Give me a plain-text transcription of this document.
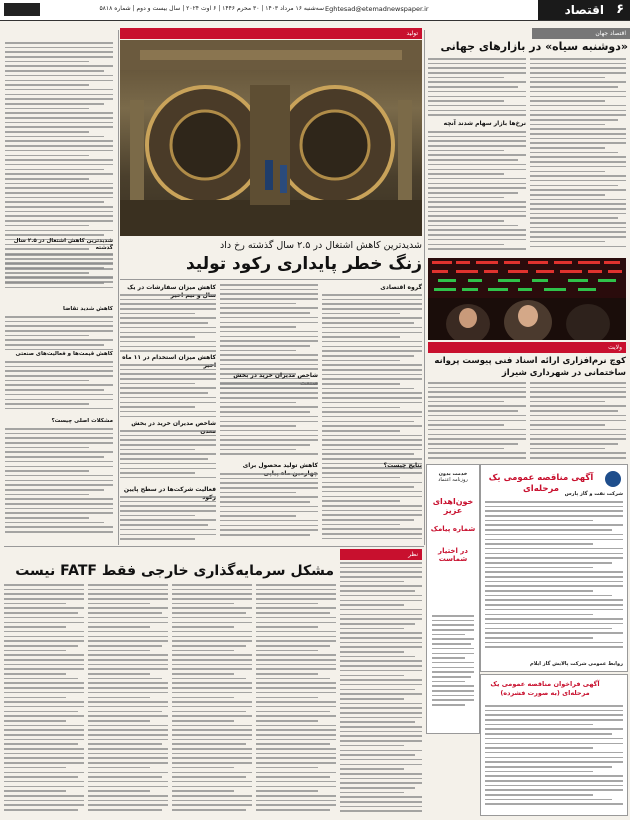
۶
اقتصاد
Eghtesad@etemadnewspaper.ir
سه‌شنبه ۱۶ مرداد ۱۴۰۳ | ۳۰ محرم ۱۴۴۶ | ۶ اوت ۲۰۲۴ | سال بیست و دوم | شماره ۵۸۱۸
شدیدترین کاهش اشتغال در ۲.۵ سال گذشته
کاهش شدید تقاضا
کاهش قیمت‌ها و فعالیت‌های صنعتی
مشکلات اصلی چیست؟
تولید
شدیدترین کاهش اشتغال در ۲.۵ سال گذشته رخ داد
زنگ خطر پایداری رکود تولید
گروه اقتصادی
نتایج چیست؟
شاخص مدیران خرید در بخش
کاهش تولید محصول برای
کاهش میزان سفارشات در یک
کاهش میزان استخدام در ۱۱ ماه
شاخص مدیران خرید در بخش
فعالیت شرکت‌ها در سطح پایین
اقتصاد جهان
«دوشنبه سیاه» در بازارهای جهانی
نرخ‌ها بازار سهام شدند آنچه
ولایت
کوچ نرم‌افزاری ارائه اسناد فنی پیوست پروانه ساختمانی در شهرداری شیراز
خدمت بدون
روزنامه اعتماد
خون‌اهدای
عزیز
شماره پیامک
در اختیار
شماست
آگهی مناقصه عمومی یک مرحله‌ای	شرکت نفت و گاز پارس
روابط عمومی شرکت پالایش گاز ایلام
آگهی فراخوان مناقصه عمومی یک مرحله‌ای (به صورت فشرده)
نظر
مشکل سرمایه‌گذاری خارجی فقط FATF نیست
